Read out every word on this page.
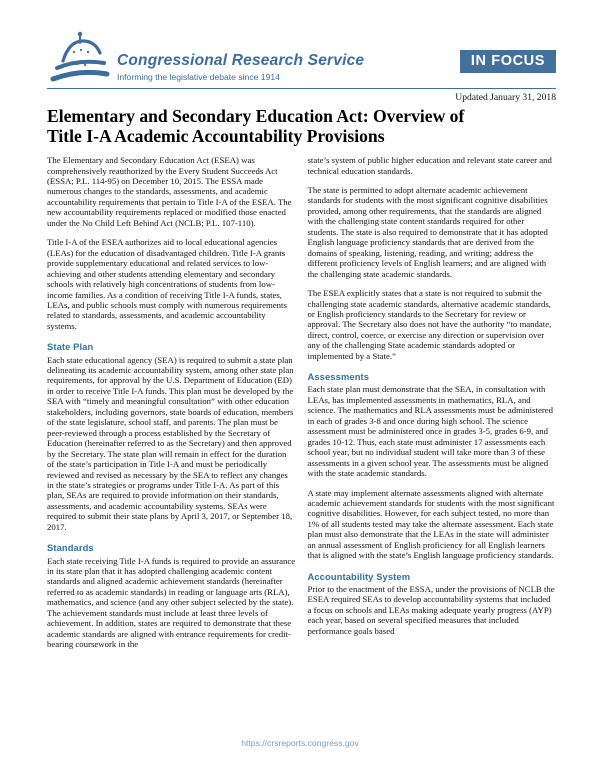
Congressional Research Service
Informing the legislative debate since 1914
IN FOCUS
Updated January 31, 2018
Elementary and Secondary Education Act: Overview of
Title I-A Academic Accountability Provisions

The Elementary and Secondary Education Act (ESEA) was comprehensively reauthorized by the Every Student Succeeds Act (ESSA; P.L. 114-95) on December 10, 2015. The ESSA made numerous changes to the standards, assessments, and academic accountability requirements that pertain to Title I-A of the ESEA. The new accountability requirements replaced or modified those enacted under the No Child Left Behind Act (NCLB; P.L. 107-110).

Title I-A of the ESEA authorizes aid to local educational agencies (LEAs) for the education of disadvantaged children. Title I-A grants provide supplementary educational and related services to low-achieving and other students attending elementary and secondary schools with relatively high concentrations of students from low-income families. As a condition of receiving Title I-A funds, states, LEAs, and public schools must comply with numerous requirements related to standards, assessments, and academic accountability systems.

State Plan

Each state educational agency (SEA) is required to submit a state plan delineating its academic accountability system, among other state plan requirements, for approval by the U.S. Department of Education (ED) in order to receive Title I-A funds. This plan must be developed by the SEA with “timely and meaningful consultation” with other education stakeholders, including governors, state boards of education, members of the state legislature, school staff, and parents. The plan must be peer-reviewed through a process established by the Secretary of Education (hereinafter referred to as the Secretary) and then approved by the Secretary. The state plan will remain in effect for the duration of the state’s participation in Title I-A and must be periodically reviewed and revised as necessary by the SEA to reflect any changes in the state’s strategies or programs under Title I-A. As part of this plan, SEAs are required to provide information on their standards, assessments, and academic accountability systems. SEAs were required to submit their state plans by April 3, 2017, or September 18, 2017.

Standards

Each state receiving Title I-A funds is required to provide an assurance in its state plan that it has adopted challenging academic content standards and aligned academic achievement standards (hereinafter referred to as academic standards) in reading or language arts (RLA), mathematics, and science (and any other subject selected by the state). The achievement standards must include at least three levels of achievement. In addition, states are required to demonstrate that these academic standards are aligned with entrance requirements for credit-bearing coursework in the

state’s system of public higher education and relevant state career and technical education standards.

The state is permitted to adopt alternate academic achievement standards for students with the most significant cognitive disabilities provided, among other requirements, that the standards are aligned with the challenging state content standards required for other students. The state is also required to demonstrate that it has adopted English language proficiency standards that are derived from the domains of speaking, listening, reading, and writing; address the different proficiency levels of English learners; and are aligned with the challenging state academic standards.

The ESEA explicitly states that a state is not required to submit the challenging state academic standards, alternative academic standards, or English proficiency standards to the Secretary for review or approval. The Secretary also does not have the authority “to mandate, direct, control, coerce, or exercise any direction or supervision over any of the challenging State academic standards adopted or implemented by a State.”

Assessments

Each state plan must demonstrate that the SEA, in consultation with LEAs, has implemented assessments in mathematics, RLA, and science. The mathematics and RLA assessments must be administered in each of grades 3-8 and once during high school. The science assessment must be administered once in grades 3-5, grades 6-9, and grades 10-12. Thus, each state must administer 17 assessments each school year, but no individual student will take more than 3 of these assessments in a given school year. The assessments must be aligned with the state academic standards.

A state may implement alternate assessments aligned with alternate academic achievement standards for students with the most significant cognitive disabilities. However, for each subject tested, no more than 1% of all students tested may take the alternate assessment. Each state plan must also demonstrate that the LEAs in the state will administer an annual assessment of English proficiency for all English learners that is aligned with the state’s English language proficiency standards.

Accountability System

Prior to the enactment of the ESSA, under the provisions of NCLB the ESEA required SEAs to develop accountability systems that included a focus on schools and LEAs making adequate yearly progress (AYP) each year, based on several specified measures that included performance goals based

https://crsreports.congress.gov
